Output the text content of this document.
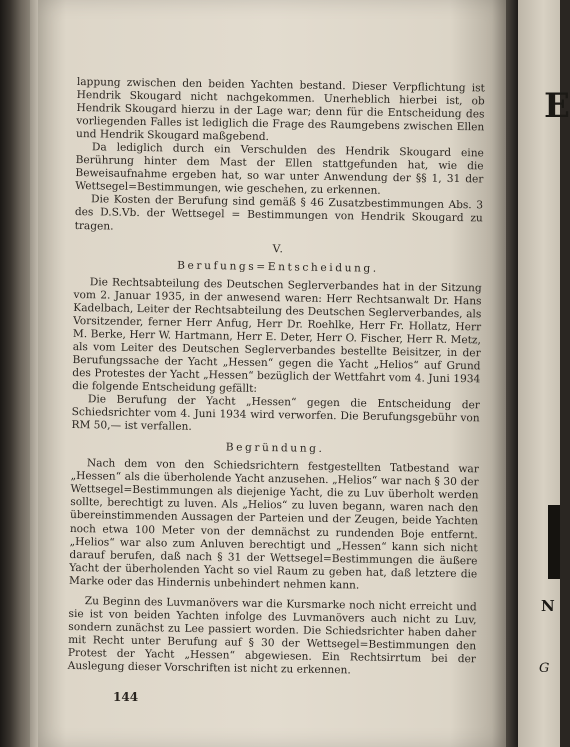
lappung zwischen den beiden Yachten bestand. Dieser Verpflichtung ist Hendrik Skougard nicht nachgekommen. Unerheblich hierbei ist, ob Hendrik Skougard hierzu in der Lage war; denn für die Entscheidung des vorliegenden Falles ist lediglich die Frage des Raumgebens zwischen Ellen und Hendrik Skougard maßgebend.

Da lediglich durch ein Verschulden des Hendrik Skougard eine Berührung hinter dem Mast der Ellen stattgefunden hat, wie die Beweisaufnahme ergeben hat, so war unter Anwendung der §§ 1, 31 der Wettsegel=Bestimmungen, wie geschehen, zu erkennen.

Die Kosten der Berufung sind gemäß § 46 Zusatzbestimmungen Abs. 3 des D.S.Vb. der Wettsegel = Bestimmungen von Hendrik Skougard zu tragen.

V.

Berufungs=Entscheidung.

Die Rechtsabteilung des Deutschen Seglerverbandes hat in der Sitzung vom 2. Januar 1935, in der anwesend waren: Herr Rechtsanwalt Dr. Hans Kadelbach, Leiter der Rechtsabteilung des Deutschen Seglerverbandes, als Vorsitzender, ferner Herr Anfug, Herr Dr. Roehlke, Herr Fr. Hollatz, Herr M. Berke, Herr W. Hartmann, Herr E. Deter, Herr O. Fischer, Herr R. Metz, als vom Leiter des Deutschen Seglerverbandes bestellte Beisitzer, in der Berufungssache der Yacht „Hessen“ gegen die Yacht „Helios“ auf Grund des Protestes der Yacht „Hessen“ bezüglich der Wettfahrt vom 4. Juni 1934 die folgende Entscheidung gefällt:

Die Berufung der Yacht „Hessen“ gegen die Entscheidung der Schiedsrichter vom 4. Juni 1934 wird verworfen. Die Berufungsgebühr von RM 50,— ist verfallen.

Begründung.

Nach dem von den Schiedsrichtern festgestellten Tatbestand war „Hessen“ als die überholende Yacht anzusehen. „Helios“ war nach § 30 der Wettsegel=Bestimmungen als diejenige Yacht, die zu Luv überholt werden sollte, berechtigt zu luven. Als „Helios“ zu luven begann, waren nach den übereinstimmenden Aussagen der Parteien und der Zeugen, beide Yachten noch etwa 100 Meter von der demnächst zu rundenden Boje entfernt. „Helios“ war also zum Anluven berechtigt und „Hessen“ kann sich nicht darauf berufen, daß nach § 31 der Wettsegel=Bestimmungen die äußere Yacht der überholenden Yacht so viel Raum zu geben hat, daß letztere die Marke oder das Hindernis unbehindert nehmen kann.

Zu Beginn des Luvmanövers war die Kursmarke noch nicht erreicht und sie ist von beiden Yachten infolge des Luvmanövers auch nicht zu Luv, sondern zunächst zu Lee passiert worden. Die Schiedsrichter haben daher mit Recht unter Berufung auf § 30 der Wettsegel=Bestimmungen den Protest der Yacht „Hessen“ abgewiesen. Ein Rechtsirrtum bei der Auslegung dieser Vorschriften ist nicht zu erkennen.

144
E
N
G
